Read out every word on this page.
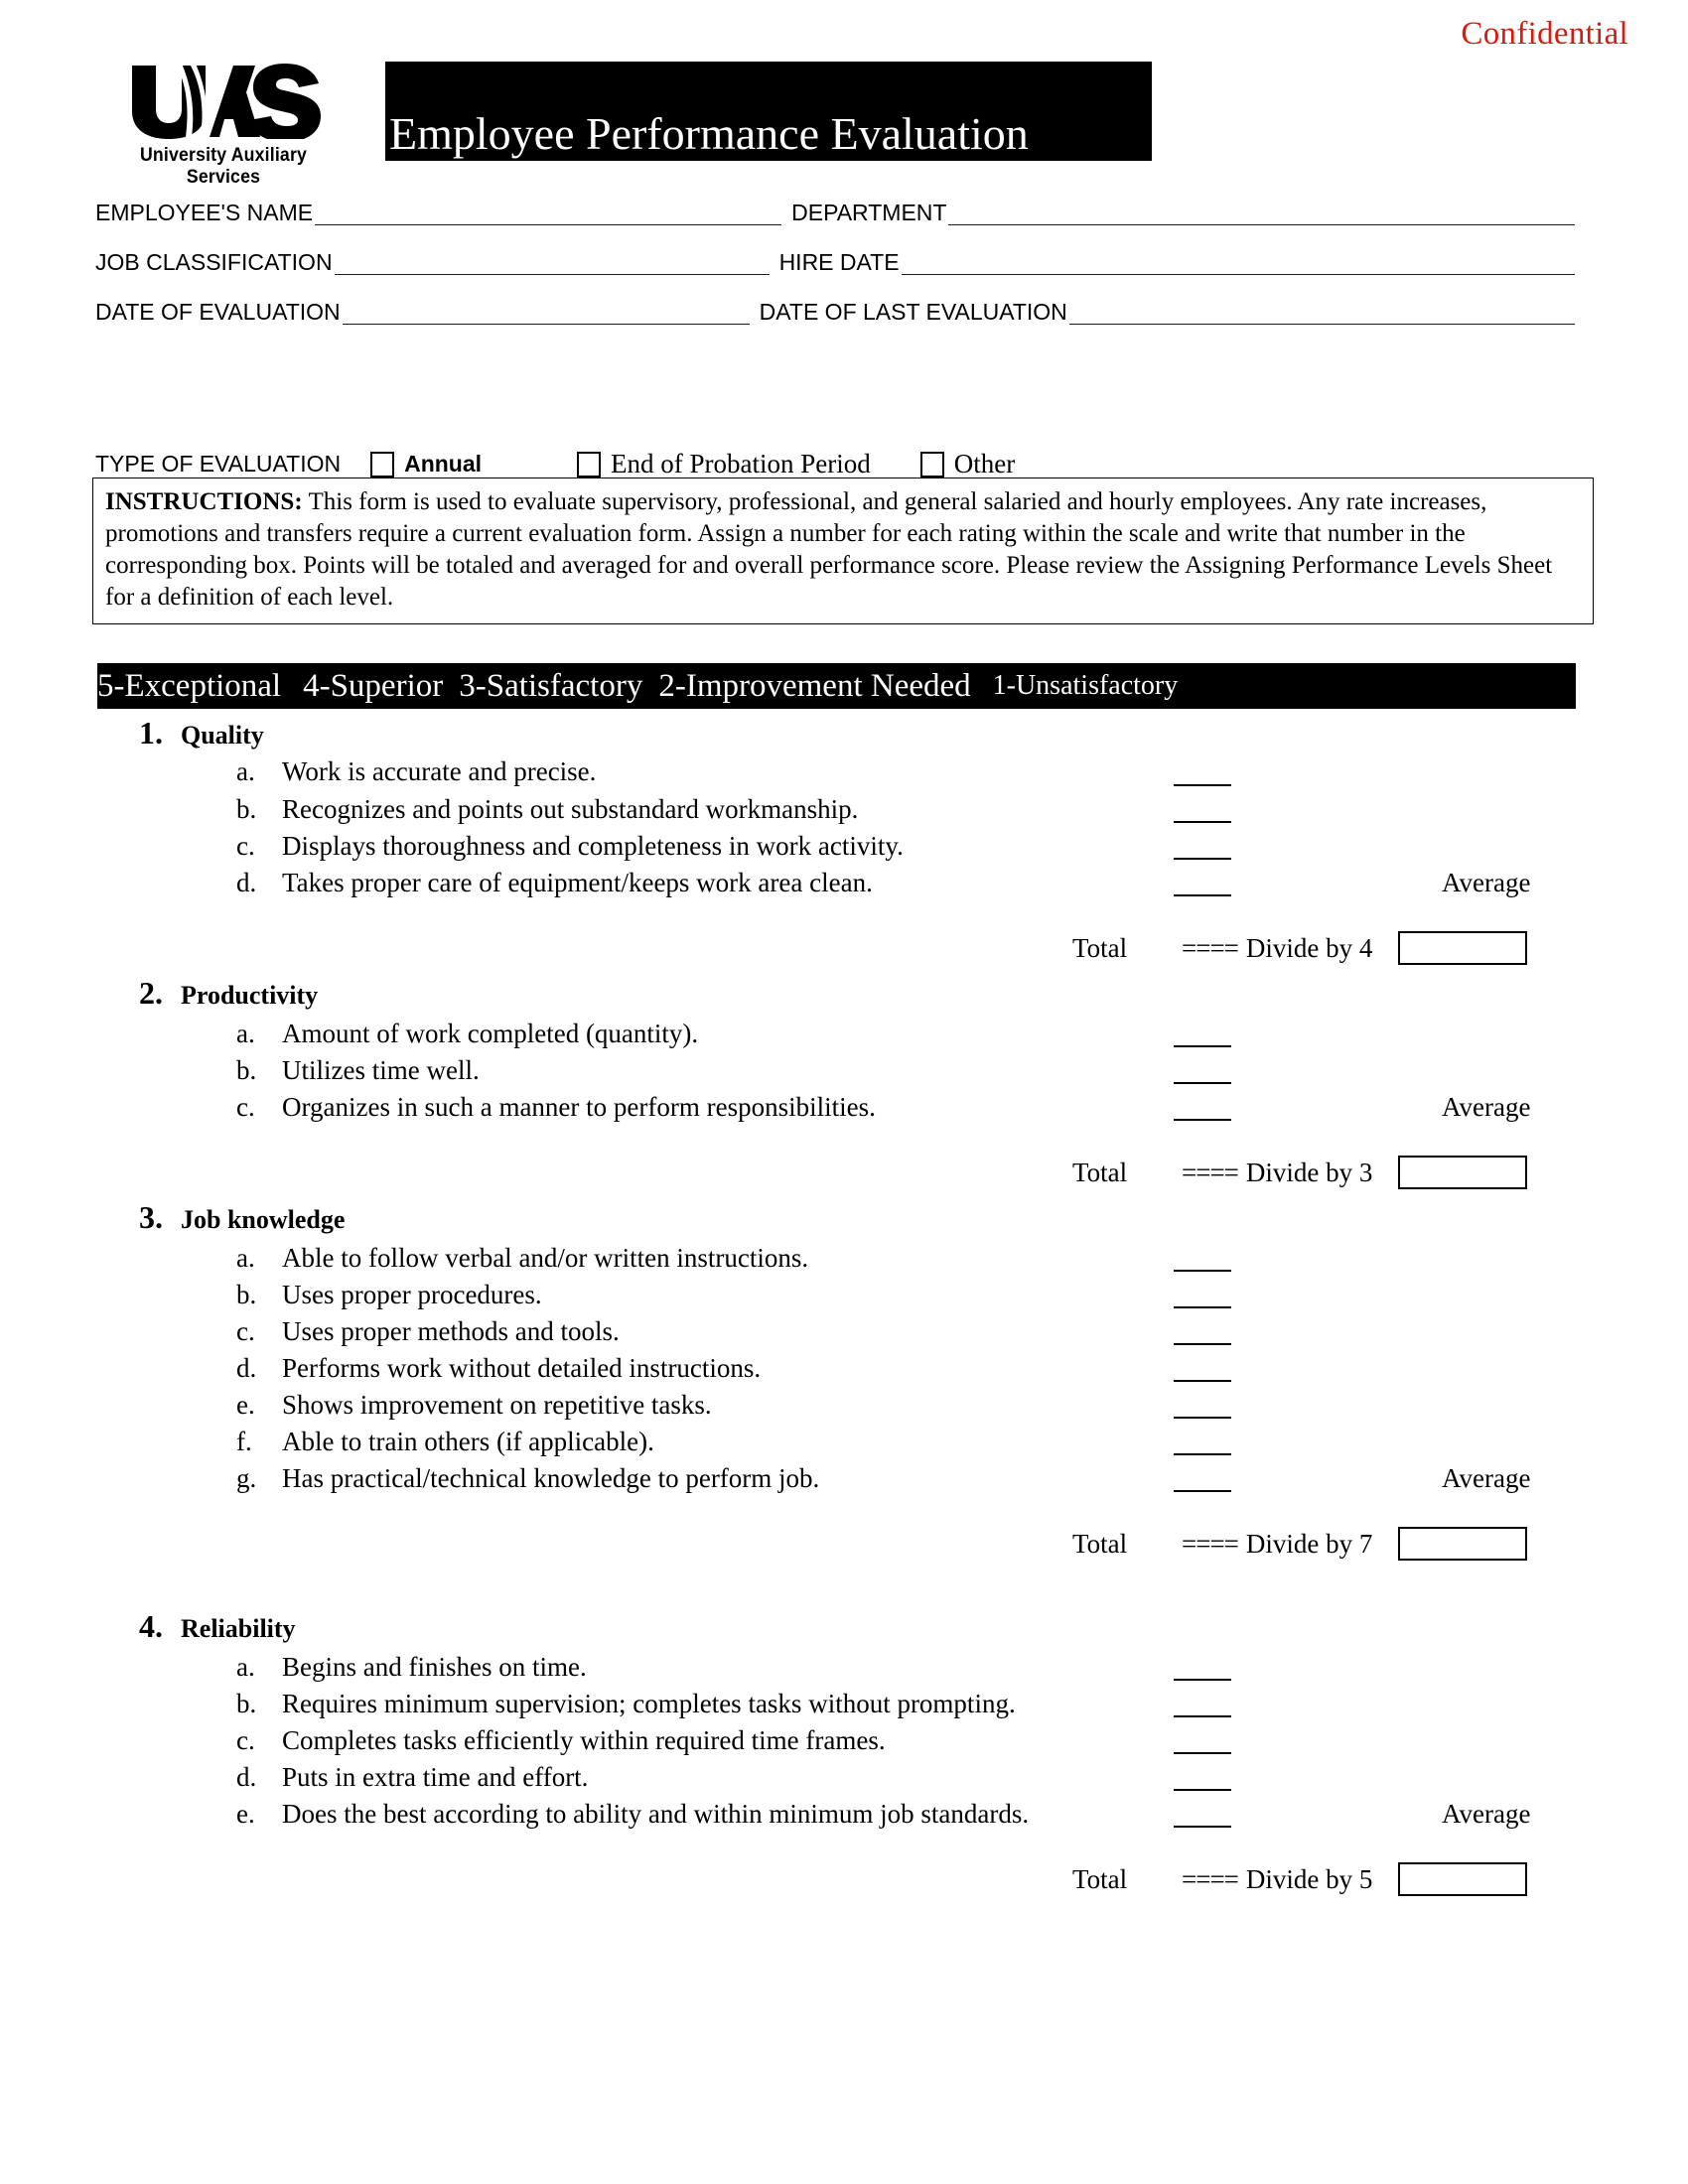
Confidential
University Auxiliary Services
Employee Performance Evaluation
EMPLOYEE'S NAME	DEPARTMENT
JOB CLASSIFICATION	HIRE DATE
DATE OF EVALUATION	DATE OF LAST EVALUATION
TYPE OF EVALUATION	Annual	End of Probation Period	Other
INSTRUCTIONS: This form is used to evaluate supervisory, professional, and general salaried and hourly employees. Any rate increases, promotions and transfers require a current evaluation form. Assign a number for each rating within the scale and write that number in the corresponding box. Points will be totaled and averaged for and overall performance score. Please review the Assigning Performance Levels Sheet for a definition of each level.
5-Exceptional 4-Superior 3-Satisfactory 2-Improvement Needed 1-Unsatisfactory
1. Quality
a.	Work is accurate and precise.
b. Recognizes and points out substandard workmanship.
c.	Displays thoroughness and completeness in work activity.
d. Takes proper care of equipment/keeps work area clean.	Average
Total	==== Divide by 4
2. Productivity
a.	Amount of work completed (quantity).
b. Utilizes time well.
c.	Organizes in such a manner to perform responsibilities.	Average
Total	==== Divide by 3
3. Job knowledge
a.	Able to follow verbal and/or written instructions.
b. Uses proper procedures.
c.	Uses proper methods and tools.
d. Performs work without detailed instructions.
e.	Shows improvement on repetitive tasks.
f.	Able to train others (if applicable).
g. Has practical/technical knowledge to perform job.	Average
Total	==== Divide by 7
4. Reliability
a.	Begins and finishes on time.
b. Requires minimum supervision; completes tasks without prompting.
c.	Completes tasks efficiently within required time frames.
d. Puts in extra time and effort.
e.	Does the best according to ability and within minimum job standards.	Average
Total	==== Divide by 5
